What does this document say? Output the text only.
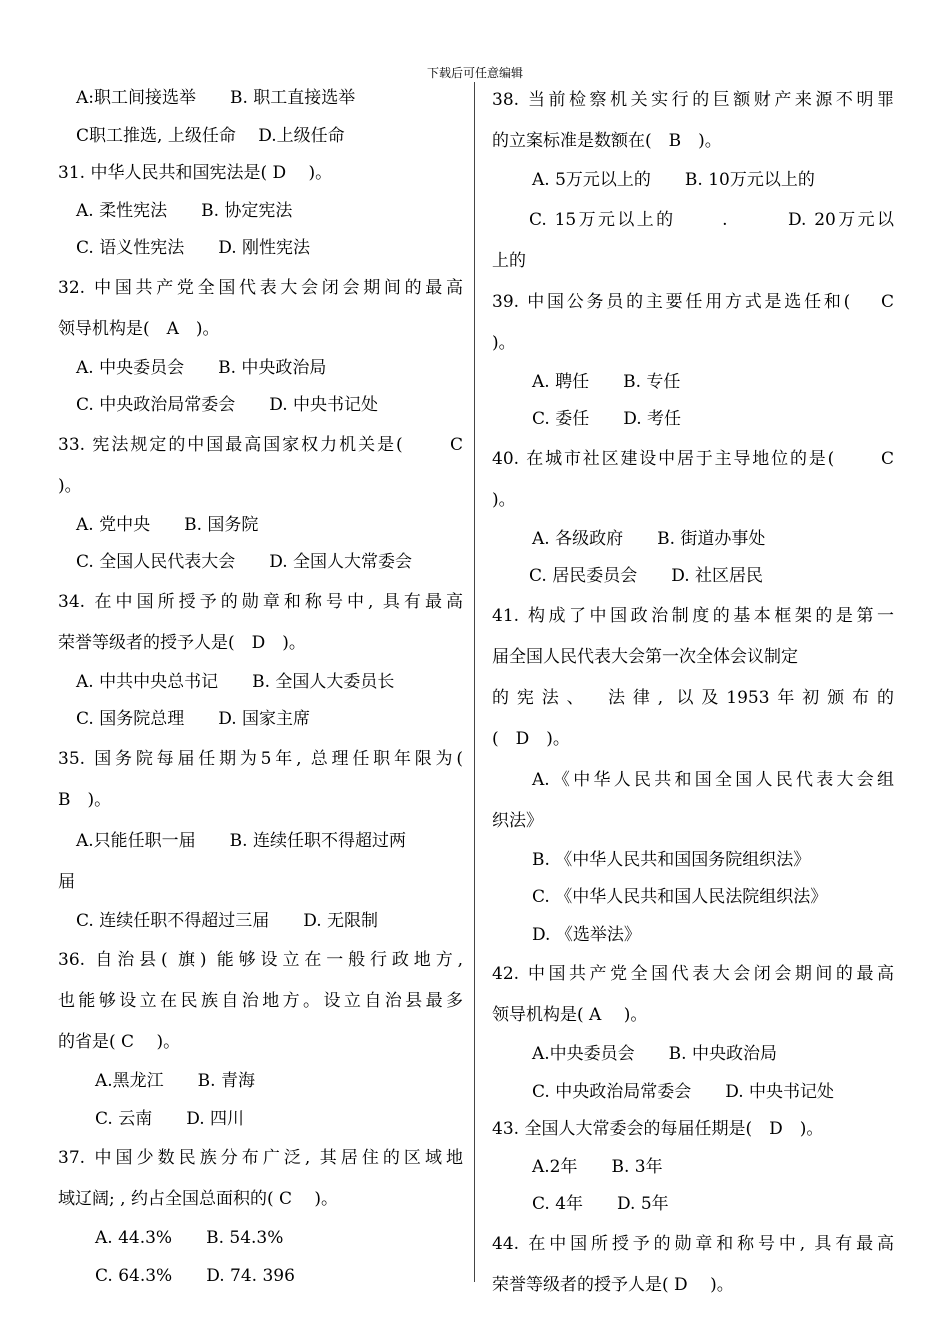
下载后可任意编辑
A:职工间接选举　　B. 职工直接选举
C职工推选, 上级任命　 D.上级任命
31. 中华人民共和国宪法是( D　 )。
A. 柔性宪法　　B. 协定宪法
C. 语义性宪法　　D. 刚性宪法
32. 中国共产党全国代表大会闭会期间的最高
领导机构是(　A　)。
A. 中央委员会　　B. 中央政治局
C. 中央政治局常委会　　D. 中央书记处
33. 宪法规定的中国最高国家权力机关是(　　 C
)。
A. 党中央　　B. 国务院
C. 全国人民代表大会　　D. 全国人大常委会
34. 在中国所授予的勋章和称号中, 具有最高
荣誉等级者的授予人是(　D　)。
A. 中共中央总书记　　B. 全国人大委员长
C. 国务院总理　　D. 国家主席
35. 国务院每届任期为5年, 总理任职年限为(
B　)。
A.只能任职一届　　B. 连续任职不得超过两
届
C. 连续任职不得超过三届　　D. 无限制
36. 自治县( 旗) 能够设立在一般行政地方,
也能够设立在民族自治地方。设立自治县最多
的省是( C　 )。
A.黑龙江　　B. 青海
C. 云南　　D. 四川
37. 中国少数民族分布广泛, 其居住的区域地
域辽阔; , 约占全国总面积的( C　 )。
A. 44.3%　　B. 54.3%
C. 64.3%　　D. 74. 396
38. 当前检察机关实行的巨额财产来源不明罪
的立案标准是数额在(　B　)。
A. 5万元以上的　　B. 10万元以上的
C. 15万元以上的　　 .　　　D. 20万元以
上的
39. 中国公务员的主要任用方式是选任和(　 C
)。
A. 聘任　　B. 专任
C. 委任　　D. 考任
40. 在城市社区建设中居于主导地位的是(　　 C
)。
A. 各级政府　　B. 街道办事处
C. 居民委员会　　D. 社区居民
41. 构成了中国政治制度的基本框架的是第一
届全国人民代表大会第一次全体会议制定
的宪法、　法律, 以及1953年初颁布的
(　D　)。
A.《中华人民共和国全国人民代表大会组
织法》
B. 《中华人民共和国国务院组织法》
C. 《中华人民共和国人民法院组织法》
D. 《选举法》
42. 中国共产党全国代表大会闭会期间的最高
领导机构是( A　 )。
A.中央委员会　　B. 中央政治局
C. 中央政治局常委会　　D. 中央书记处
43. 全国人大常委会的每届任期是(　D　)。
A.2年　　B. 3年
C. 4年　　D. 5年
44. 在中国所授予的勋章和称号中, 具有最高
荣誉等级者的授予人是( D　 )。
